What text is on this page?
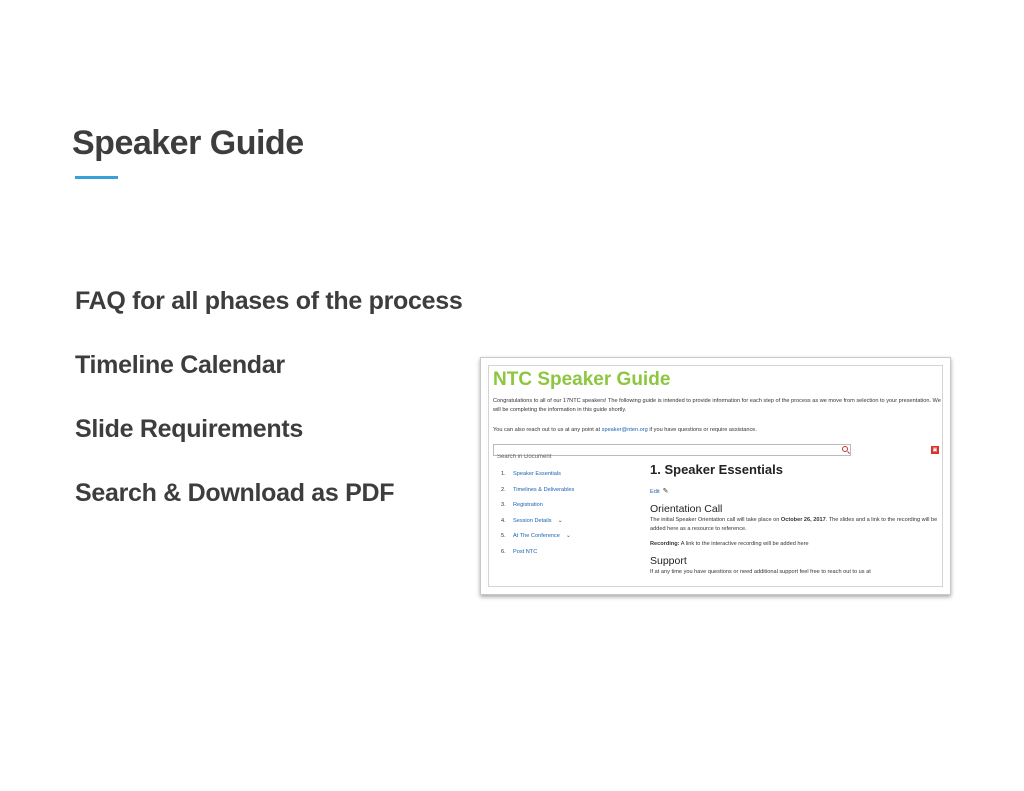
Speaker Guide
FAQ for all phases of the process
Timeline Calendar
Slide Requirements
Search & Download as PDF
NTC Speaker Guide

Congratulations to all of our 17NTC speakers! The following guide is intended to provide information for each step of the process as we move from selection to your presentation. We will be completing the information in this guide shortly.

You can also reach out to us at any point at speaker@nten.org if you have questions or require assistance.

Search in Document
▣
1. Speaker Essentials
2. Timelines & Deliverables
3. Registration
4. Session Details ⌄
5. At The Conference ⌄
6. Post NTC
1. Speaker Essentials
Edit ✎
Orientation Call

The initial Speaker Orientation call will take place on October 26, 2017. The slides and a link to the recording will be added here as a resource to reference.

Recording: A link to the interactive recording will be added here

Support

If at any time you have questions or need additional support feel free to reach out to us at
